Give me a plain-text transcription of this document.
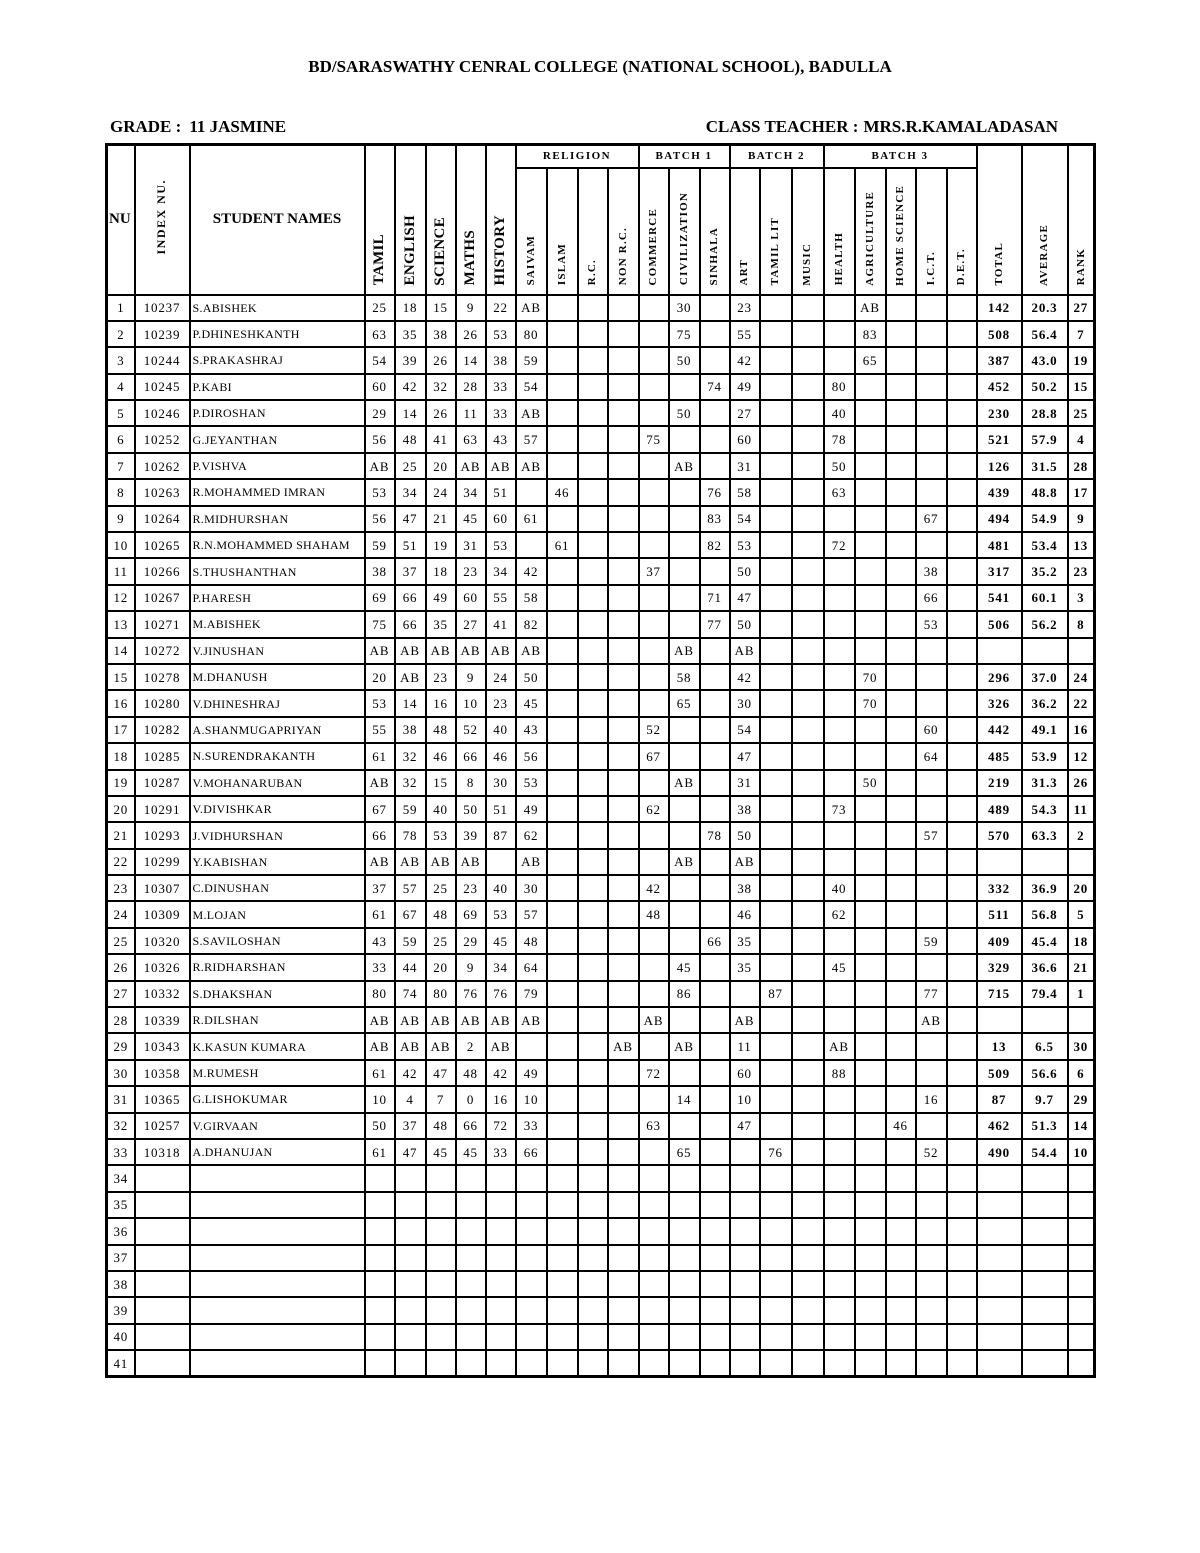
BD/SARASWATHY CENRAL COLLEGE (NATIONAL SCHOOL), BADULLA
GRADE : 11 JASMINE	CLASS TEACHER : MRS.R.KAMALADASAN
NU	INDEX NU.	STUDENT NAMES	TAMIL	ENGLISH	SCIENCE	MATHS	HISTORY	RELIGION				BATCH 1			BATCH 2			BATCH 3					TOTAL	AVERAGE	RANK
								SAIVAM	ISLAM	R.C.	NON R.C.	COMMERCE	CIVILIZATION	SINHALA	ART	TAMIL LIT	MUSIC	HEALTH	AGRICULTURE	HOME SCIENCE	I.C.T.	D.E.T.			
1	10237	S.ABISHEK	25	18	15	9	22	AB					30		23				AB				142	20.3	27
2	10239	P.DHINESHKANTH	63	35	38	26	53	80					75		55				83				508	56.4	7
3	10244	S.PRAKASHRAJ	54	39	26	14	38	59					50		42				65				387	43.0	19
4	10245	P.KABI	60	42	32	28	33	54						74	49			80					452	50.2	15
5	10246	P.DIROSHAN	29	14	26	11	33	AB					50		27			40					230	28.8	25
6	10252	G.JEYANTHAN	56	48	41	63	43	57				75			60			78					521	57.9	4
7	10262	P.VISHVA	AB	25	20	AB	AB	AB					AB		31			50					126	31.5	28
8	10263	R.MOHAMMED IMRAN	53	34	24	34	51		46					76	58			63					439	48.8	17
9	10264	R.MIDHURSHAN	56	47	21	45	60	61						83	54						67		494	54.9	9
10	10265	R.N.MOHAMMED SHAHAM	59	51	19	31	53		61					82	53			72					481	53.4	13
11	10266	S.THUSHANTHAN	38	37	18	23	34	42				37			50						38		317	35.2	23
12	10267	P.HARESH	69	66	49	60	55	58						71	47						66		541	60.1	3
13	10271	M.ABISHEK	75	66	35	27	41	82						77	50						53		506	56.2	8
14	10272	V.JINUSHAN	AB	AB	AB	AB	AB	AB					AB		AB										
15	10278	M.DHANUSH	20	AB	23	9	24	50					58		42				70				296	37.0	24
16	10280	V.DHINESHRAJ	53	14	16	10	23	45					65		30				70				326	36.2	22
17	10282	A.SHANMUGAPRIYAN	55	38	48	52	40	43				52			54						60		442	49.1	16
18	10285	N.SURENDRAKANTH	61	32	46	66	46	56				67			47						64		485	53.9	12
19	10287	V.MOHANARUBAN	AB	32	15	8	30	53					AB		31				50				219	31.3	26
20	10291	V.DIVISHKAR	67	59	40	50	51	49				62			38			73					489	54.3	11
21	10293	J.VIDHURSHAN	66	78	53	39	87	62						78	50						57		570	63.3	2
22	10299	Y.KABISHAN	AB	AB	AB	AB		AB					AB		AB										
23	10307	C.DINUSHAN	37	57	25	23	40	30				42			38			40					332	36.9	20
24	10309	M.LOJAN	61	67	48	69	53	57				48			46			62					511	56.8	5
25	10320	S.SAVILOSHAN	43	59	25	29	45	48						66	35						59		409	45.4	18
26	10326	R.RIDHARSHAN	33	44	20	9	34	64					45		35			45					329	36.6	21
27	10332	S.DHAKSHAN	80	74	80	76	76	79					86			87					77		715	79.4	1
28	10339	R.DILSHAN	AB	AB	AB	AB	AB	AB				AB			AB						AB				
29	10343	K.KASUN KUMARA	AB	AB	AB	2	AB				AB		AB		11			AB					13	6.5	30
30	10358	M.RUMESH	61	42	47	48	42	49				72			60			88					509	56.6	6
31	10365	G.LISHOKUMAR	10	4	7	0	16	10					14		10						16		87	9.7	29
32	10257	V.GIRVAAN	50	37	48	66	72	33				63			47					46			462	51.3	14
33	10318	A.DHANUJAN	61	47	45	45	33	66					65			76					52		490	54.4	10
34																									
35																									
36																									
37																									
38																									
39																									
40																									
41																									
